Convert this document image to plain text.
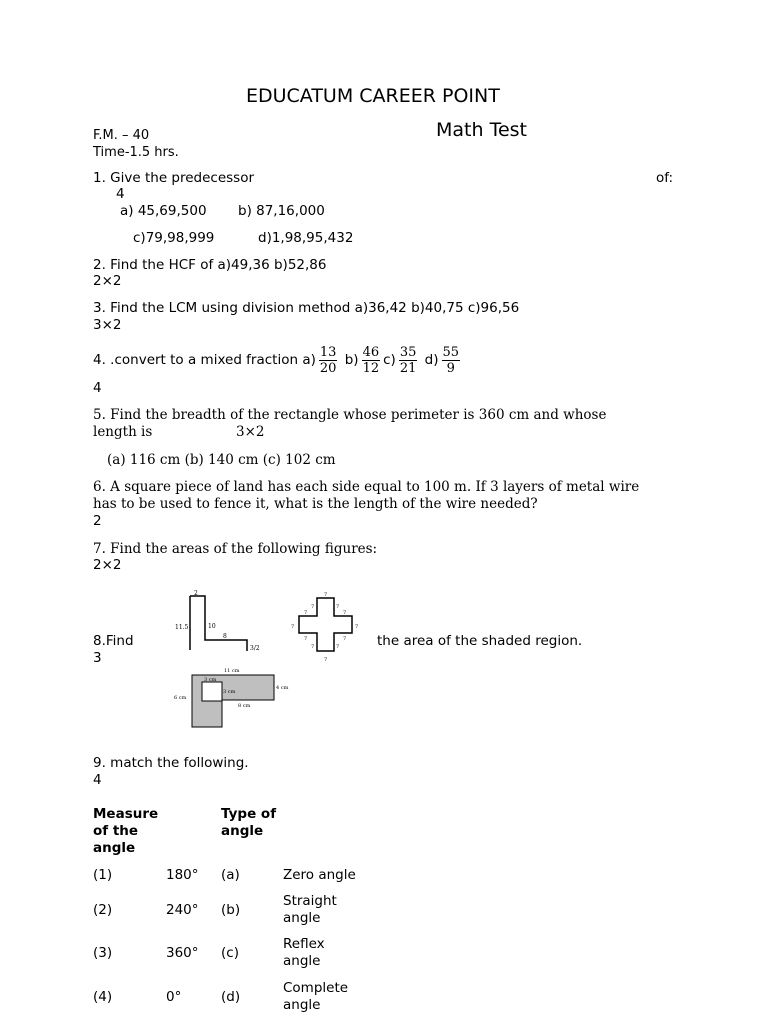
EDUCATUM CAREER POINT
F.M. – 40	Math Test
Time-1.5 hrs.
1. Give the predecessor	of:
4
a) 45,69,500 b) 87,16,000
c)79,98,999	d)1,98,95,432
2. Find the HCF of a)49,36 b)52,86
2×2
3. Find the LCM using division method a)36,42 b)40,75 c)96,56
3×2
4. .convert to a mixed fraction $a) \frac{13}{20} b) \frac{46}{12} c) \frac{35}{21} d) \frac{55}{9}$
4
5. Find the breadth of the rectangle whose perimeter is 360 cm and whose
length is	3×2
(a) 116 cm (b) 140 cm (c) 102 cm
6. A square piece of land has each side equal to 100 m. If 3 layers of metal wire
has to be used to fence it, what is the length of the wire needed?
2
7. Find the areas of the following figures:
2×2
2
11.5	10
8
3/2
7
7	7
7
7
7	7
7	7
7	7
7
8.Find	the area of the shaded region.
3
11 cm
3 cm
3 cm
4 cm
6 cm
8 cm
9. match the following.
4
Measure
of the
angle
Type of
angle
(1)	180° (a)	Zero angle
(2)	240° (b)
Straight
angle
(3)	360° (c)
Reflex
angle
(4)	0°	(d)
Complete
angle
